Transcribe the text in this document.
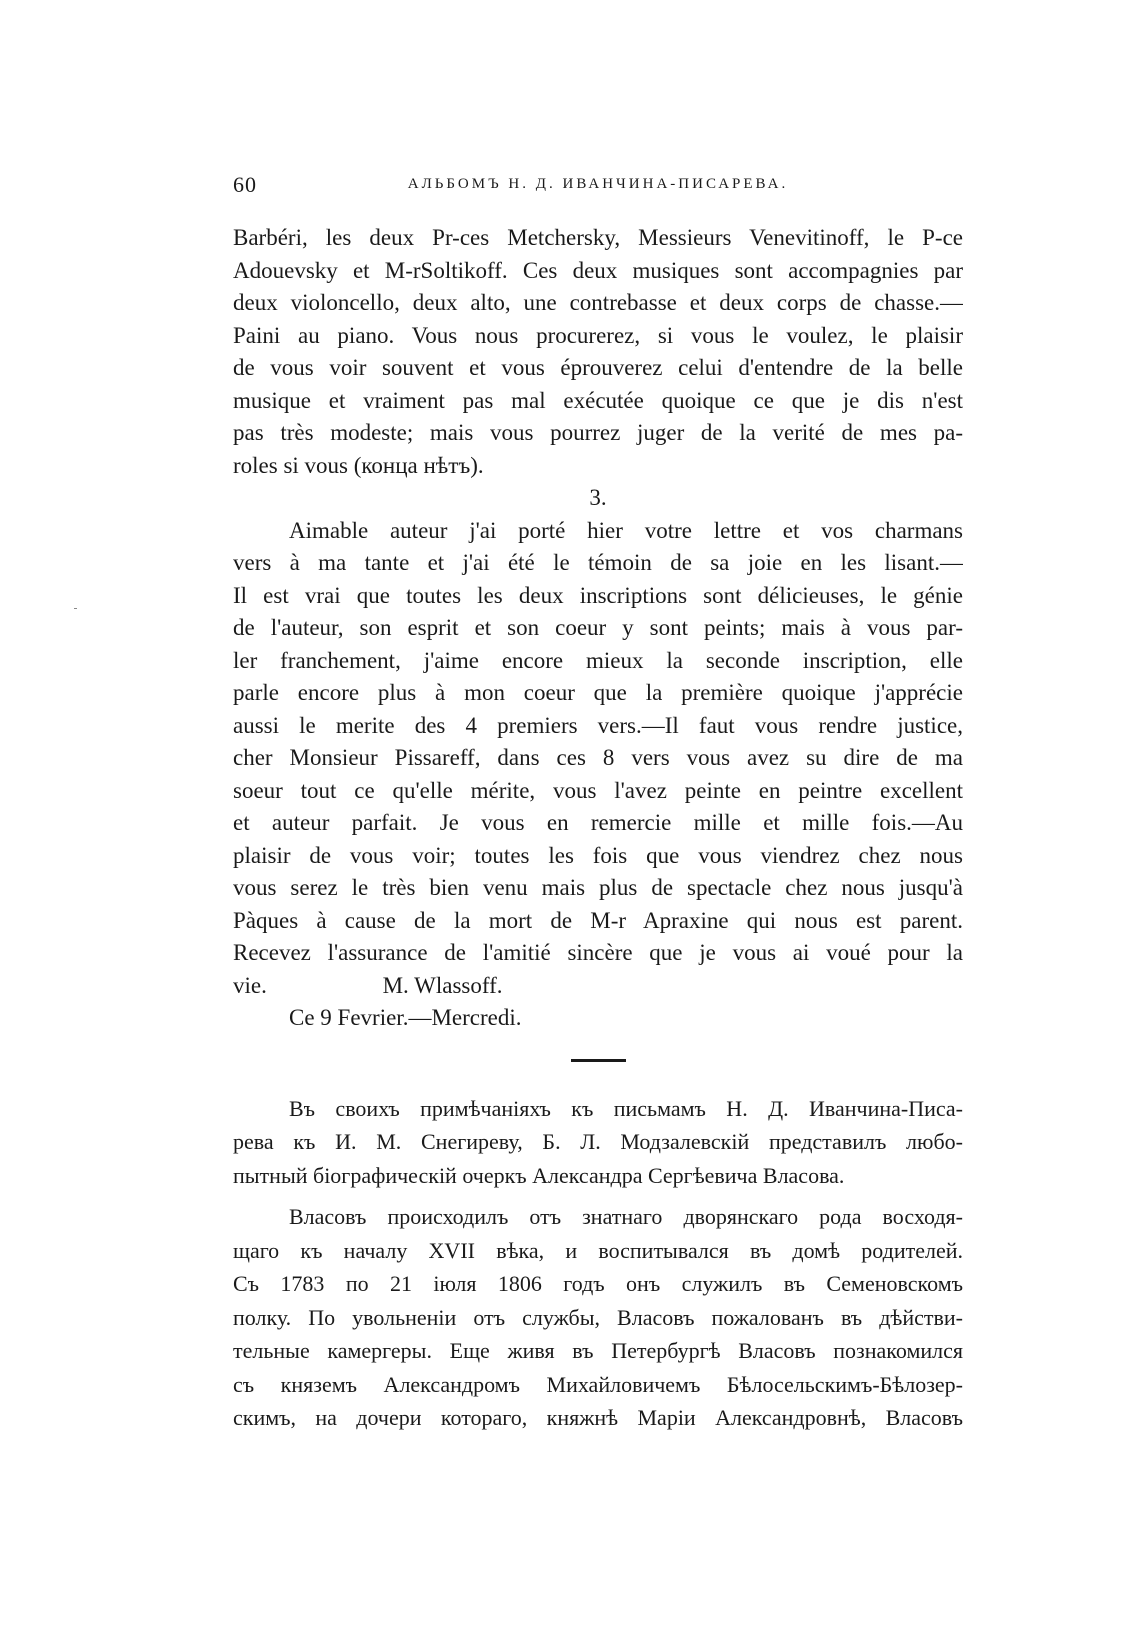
60	АЛЬБОМЪ Н. Д. ИВАНЧИНА-ПИСАРЕВА.
Barbéri, les deux Pr-ces Metchersky, Messieurs Venevitinoff, le P-ce
Adouevsky et M-rSoltikoff. Ces deux musiques sont accompagnies par
deux violoncello, deux alto, une contrebasse et deux corps de chasse.—
Paini au piano. Vous nous procurerez, si vous le voulez, le plaisir
de vous voir souvent et vous éprouverez celui d'entendre de la belle
musique et vraiment pas mal exécutée quoique ce que je dis n'est
pas très modeste; mais vous pourrez juger de la verité de mes pa-
roles si vous (конца нѣтъ).
3.
Aimable auteur j'ai porté hier votre lettre et vos charmans
vers à ma tante et j'ai été le témoin de sa joie en les lisant.—
Il est vrai que toutes les deux inscriptions sont délicieuses, le génie
de l'auteur, son esprit et son coeur y sont peints; mais à vous par-
ler franchement, j'aime encore mieux la seconde inscription, elle
parle encore plus à mon coeur que la première quoique j'apprécie
aussi le merite des 4 premiers vers.—Il faut vous rendre justice,
cher Monsieur Pissareff, dans ces 8 vers vous avez su dire de ma
soeur tout ce qu'elle mérite, vous l'avez peinte en peintre excellent
et auteur parfait. Je vous en remercie mille et mille fois.—Au
plaisir de vous voir; toutes les fois que vous viendrez chez nous
vous serez le très bien venu mais plus de spectacle chez nous jusqu'à
Pàques à cause de la mort de M-r Apraxine qui nous est parent.
Recevez l'assurance de l'amitié sincère que je vous ai voué pour la
vie.	M. Wlassoff.
Ce 9 Fevrier.—Mercredi.
Въ своихъ примѣчаніяхъ къ письмамъ Н. Д. Иванчина-Писа-
рева къ И. М. Снегиреву, Б. Л. Модзалевскій представилъ любо-
пытный біографическій очеркъ Александра Сергѣевича Власова.
Власовъ происходилъ отъ знатнаго дворянскаго рода восходя-
щаго къ началу XVII вѣка, и воспитывался въ домѣ родителей.
Съ 1783 по 21 іюля 1806 годъ онъ служилъ въ Семеновскомъ
полку. По увольненіи отъ службы, Власовъ пожалованъ въ дѣйстви-
тельные камергеры. Еще живя въ Петербургѣ Власовъ познакомился
съ княземъ Александромъ Михайловичемъ Бѣлосельскимъ-Бѣлозер-
скимъ, на дочери котораго, княжнѣ Маріи Александровнѣ, Власовъ
